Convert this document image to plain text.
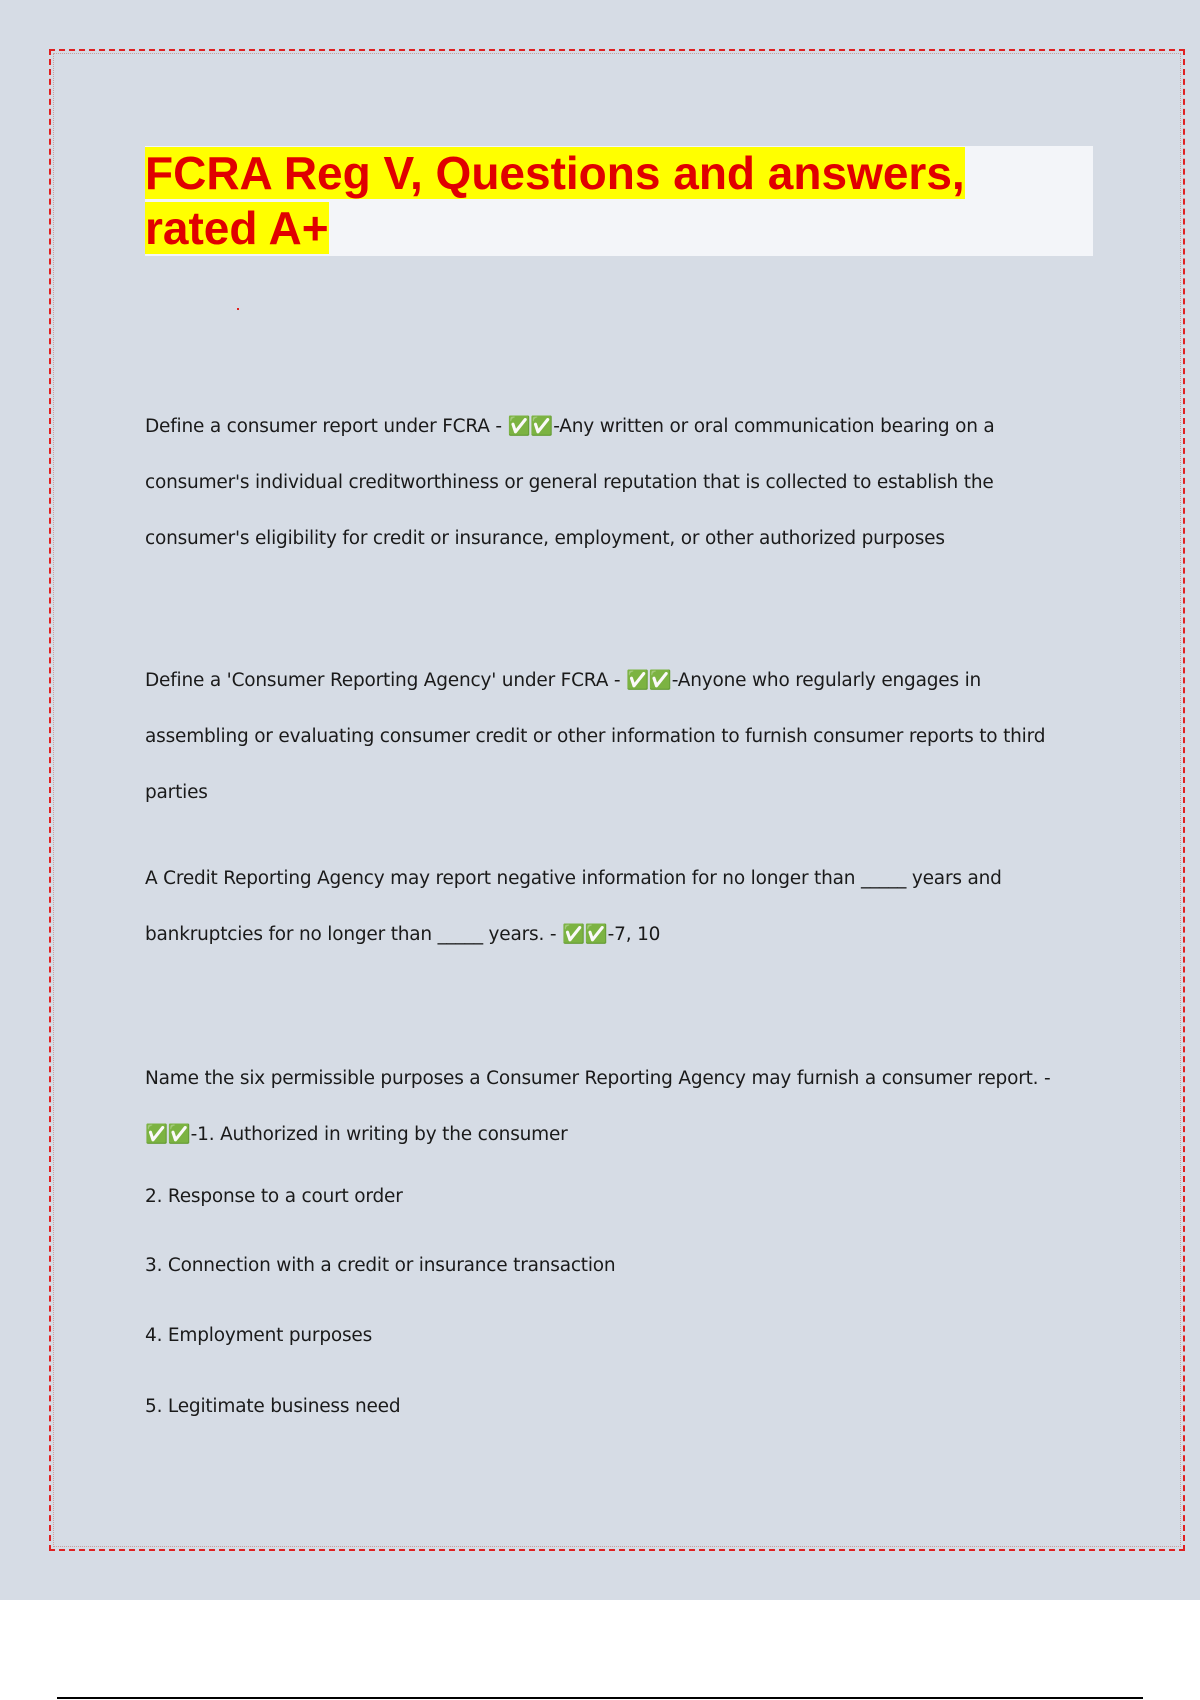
FCRA Reg V, Questions and answers,
rated A+

Define a consumer report under FCRA - ✅✅-Any written or oral communication bearing on a consumer's individual creditworthiness or general reputation that is collected to establish the consumer's eligibility for credit or insurance, employment, or other authorized purposes

Define a 'Consumer Reporting Agency' under FCRA - ✅✅-Anyone who regularly engages in assembling or evaluating consumer credit or other information to furnish consumer reports to third parties

A Credit Reporting Agency may report negative information for no longer than _____ years and bankruptcies for no longer than _____ years. - ✅✅-7, 10

Name the six permissible purposes a Consumer Reporting Agency may furnish a consumer report. - ✅✅-1. Authorized in writing by the consumer

2. Response to a court order

3. Connection with a credit or insurance transaction

4. Employment purposes

5. Legitimate business need
